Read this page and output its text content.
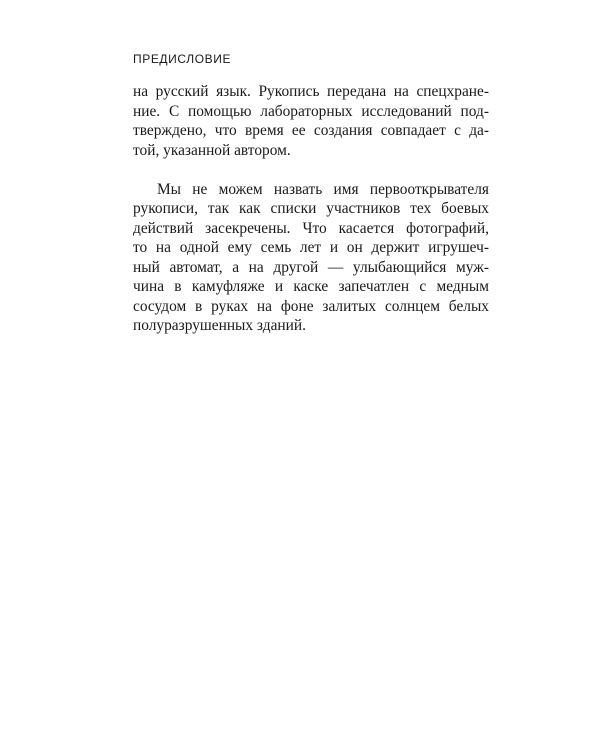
ПРЕДИСЛОВИЕ
на русский язык. Рукопись передана на спецхране-
ние. С помощью лабораторных исследований под-
тверждено, что время ее создания совпадает с да-
той, указанной автором.
Мы не можем назвать имя первооткрывателя
рукописи, так как списки участников тех боевых
действий засекречены. Что касается фотографий,
то на одной ему семь лет и он держит игрушеч-
ный автомат, а на другой — улыбающийся муж-
чина в камуфляже и каске запечатлен с медным
сосудом в руках на фоне залитых солнцем белых
полуразрушенных зданий.
